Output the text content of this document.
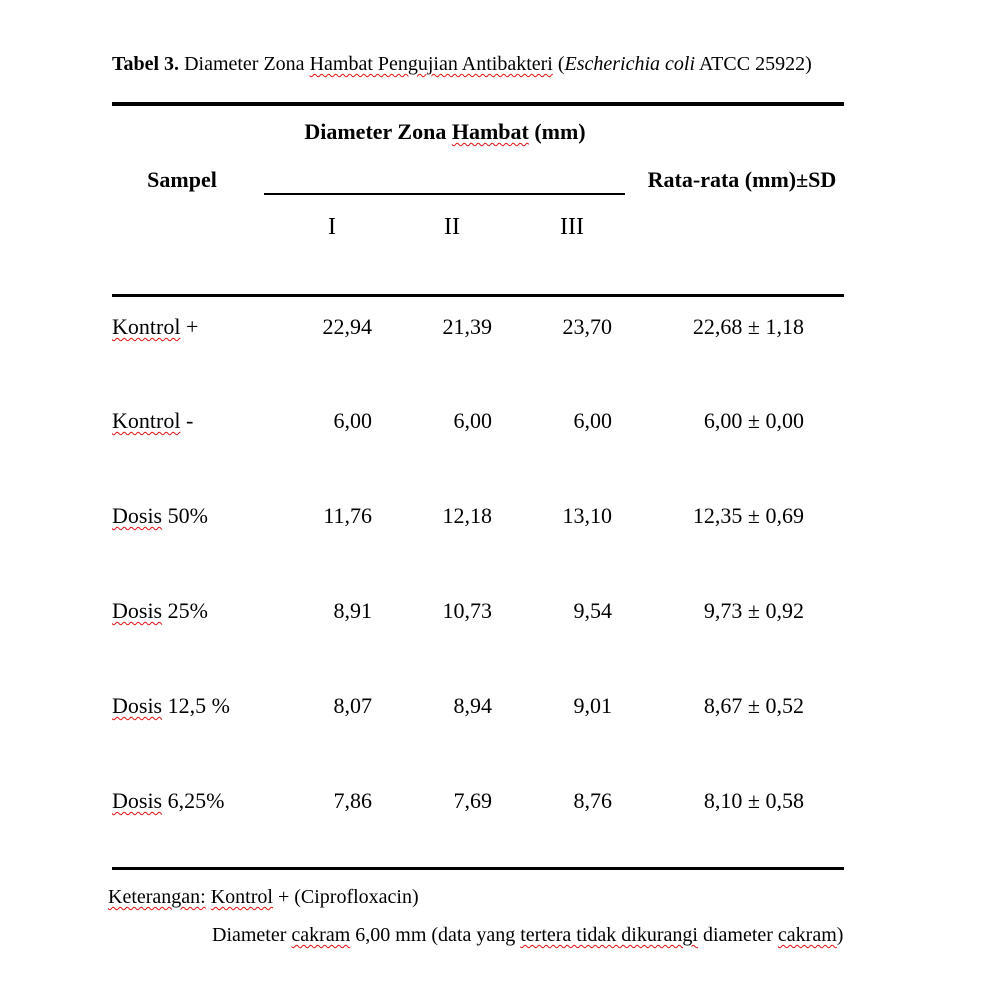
Tabel 3. Diameter Zona Hambat Pengujian Antibakteri (Escherichia coli ATCC 25922)
Diameter Zona Hambat (mm)
Sampel	Rata-rata (mm)±SD
I	II	III
Kontrol +	22,94	21,39	23,70	22,68 ± 1,18
Kontrol -	6,00	6,00	6,00	6,00 ± 0,00
Dosis 50%	11,76	12,18	13,10	12,35 ± 0,69
Dosis 25%	8,91	10,73	9,54	9,73 ± 0,92
Dosis 12,5 %	8,07	8,94	9,01	8,67 ± 0,52
Dosis 6,25%	7,86	7,69	8,76	8,10 ± 0,58
Keterangan: Kontrol + (Ciprofloxacin)
Diameter cakram 6,00 mm (data yang tertera tidak dikurangi diameter cakram)
